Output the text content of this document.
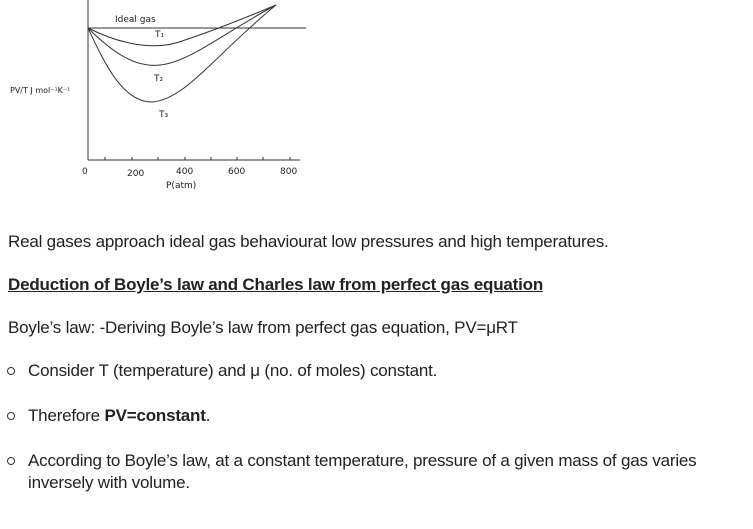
Ideal gas
T₁
T₂
T₃
PV/T J mol⁻¹K⁻¹
0	200	400	600	800
P(atm)

Real gases approach ideal gas behaviourat low pressures and high temperatures.

Deduction of Boyle’s law and Charles law from perfect gas equation

Boyle’s law: -Deriving Boyle’s law from perfect gas equation, PV=μRT

Consider T (temperature) and μ (no. of moles) constant.
Therefore PV=constant.
According to Boyle’s law, at a constant temperature, pressure of a given mass of gas varies inversely with volume.
